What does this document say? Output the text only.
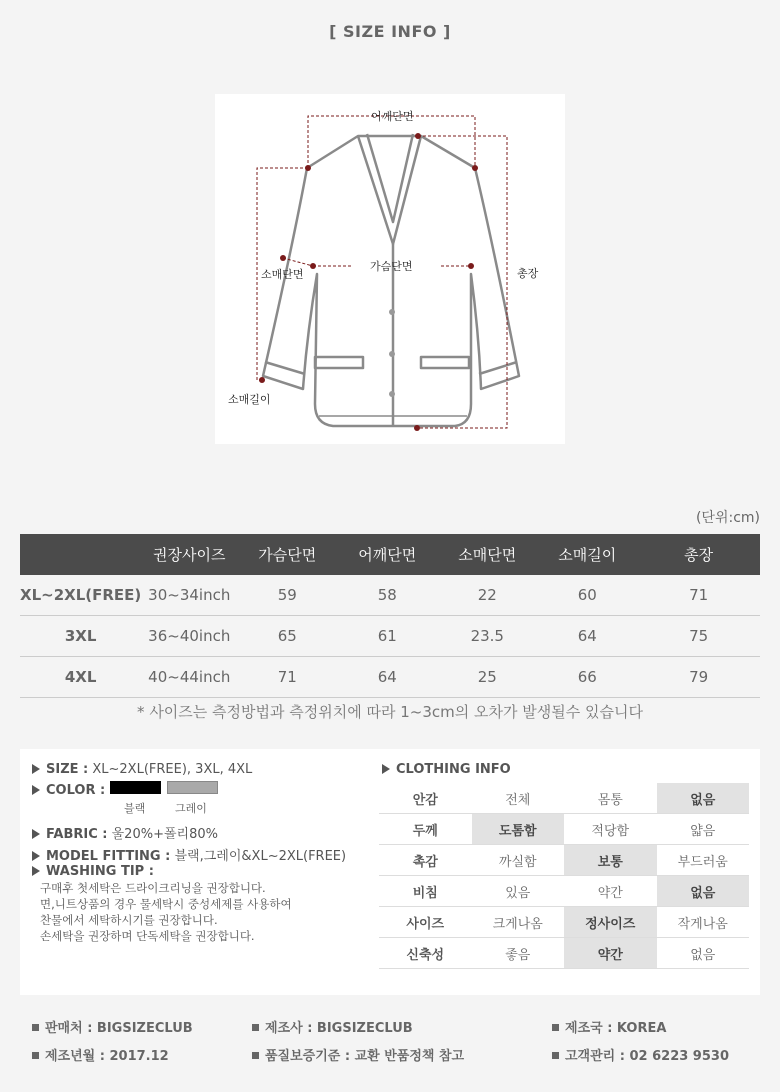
[ SIZE INFO ]
어깨단면
가슴단면
소매단면	총장
소매길이
(단위:cm)
	권장사이즈	가슴단면	어깨단면	소매단면	소매길이	총장
XL~2XL(FREE)	30~34inch	59	58	22	60	71
3XL	36~40inch	65	61	23.5	64	75
4XL	40~44inch	71	64	25	66	79
* 사이즈는 측정방법과 측정위치에 따라 1~3cm의 오차가 발생될수 있습니다
SIZE : XL~2XL(FREE), 3XL, 4XL
COLOR :
블랙	그레이
FABRIC : 울20%+폴리80%
MODEL FITTING : 블랙,그레이&XL~2XL(FREE)
WASHING TIP :
구매후 첫세탁은 드라이크리닝을 권장합니다.
면,니트상품의 경우 물세탁시 중성세제를 사용하여
찬물에서 세탁하시기를 권장합니다.
손세탁을 권장하며 단독세탁을 권장합니다.
CLOTHING INFO
안감	전체	몸통	없음
두께	도톰함	적당함	얇음
촉감	까실함	보통	부드러움
비침	있음	약간	없음
사이즈	크게나옴	정사이즈	작게나옴
신축성	좋음	약간	없음
판매처 : BIGSIZECLUB	제조사 : BIGSIZECLUB	제조국 : KOREA
제조년월 : 2017.12	품질보증기준 : 교환 반품정책 참고	고객관리 : 02 6223 9530
